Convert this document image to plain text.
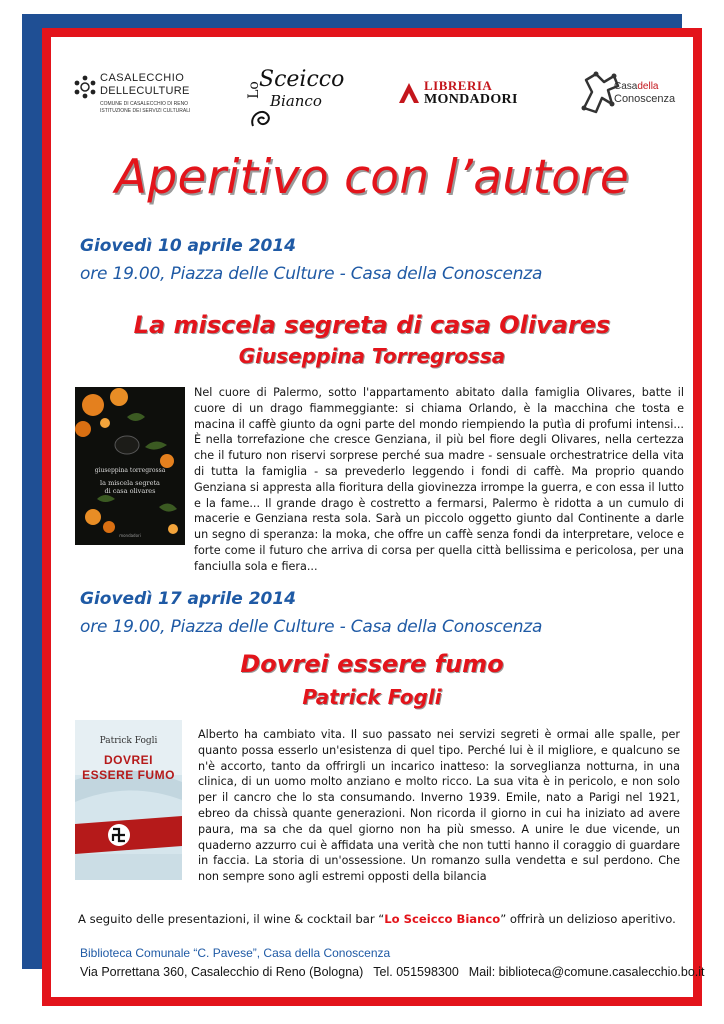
CASALECCHIO
DELLECULTURE
COMUNE DI CASALECCHIO DI RENO
ISTITUZIONE DEI SERVIZI CULTURALI
Lo
Sceicco
Bianco
LIBRERIA
MONDADORI
Casadella
Conoscenza
Aperitivo con l’autore
Giovedì 10 aprile 2014
ore 19.00, Piazza delle Culture - Casa della Conoscenza
La miscela segreta di casa Olivares
Giuseppina Torregrossa
giuseppina torregrossa
la miscela segreta
di casa olivares
mondadori
Nel cuore di Palermo, sotto l'appartamento abitato dalla famiglia Olivares, batte il cuore di un drago fiammeggiante: si chiama Orlando, è la macchina che tosta e macina il caffè giunto da ogni parte del mondo riempiendo la putìa di profumi intensi... È nella torrefazione che cresce Genziana, il più bel fiore degli Olivares, nella certezza che il futuro non riservi sorprese perché sua madre - sensuale orchestratrice della vita di tutta la famiglia - sa prevederlo leggendo i fondi di caffè. Ma proprio quando Genziana si appresta alla fioritura della giovinezza irrompe la guerra, e con essa il lutto e la fame... Il grande drago è costretto a fermarsi, Palermo è ridotta a un cumulo di macerie e Genziana resta sola. Sarà un piccolo oggetto giunto dal Continente a darle un segno di speranza: la moka, che offre un caffè senza fondi da interpretare, veloce e forte come il futuro che arriva di corsa per quella città bellissima e pericolosa, per una fanciulla sola e fiera...
Giovedì 17 aprile 2014
ore 19.00, Piazza delle Culture - Casa della Conoscenza
Dovrei essere fumo
Patrick Fogli
Patrick Fogli
DOVREI
ESSERE FUMO
Alberto ha cambiato vita. Il suo passato nei servizi segreti è ormai alle spalle, per quanto possa esserlo un'esistenza di quel tipo. Perché lui è il migliore, e qualcuno se n'è accorto, tanto da offrirgli un incarico inatteso: la sorveglianza notturna, in una clinica, di un uomo molto anziano e molto ricco. La sua vita è in pericolo, e non solo per il cancro che lo sta consumando. Inverno 1939. Emile, nato a Parigi nel 1921, ebreo da chissà quante generazioni. Non ricorda il giorno in cui ha iniziato ad avere paura, ma sa che da quel giorno non ha più smesso. A unire le due vicende, un quaderno azzurro cui è affidata una verità che non tutti hanno il coraggio di guardare in faccia. La storia di un'ossessione. Un romanzo sulla vendetta e sul perdono. Che non sempre sono agli estremi opposti della bilancia
A seguito delle presentazioni, il wine & cocktail bar “Lo Sceicco Bianco” offrirà un delizioso aperitivo.
Biblioteca Comunale “C. Pavese”, Casa della Conoscenza
Via Porrettana 360, Casalecchio di Reno (Bologna) Tel. 051598300 Mail: biblioteca@comune.casalecchio.bo.it
